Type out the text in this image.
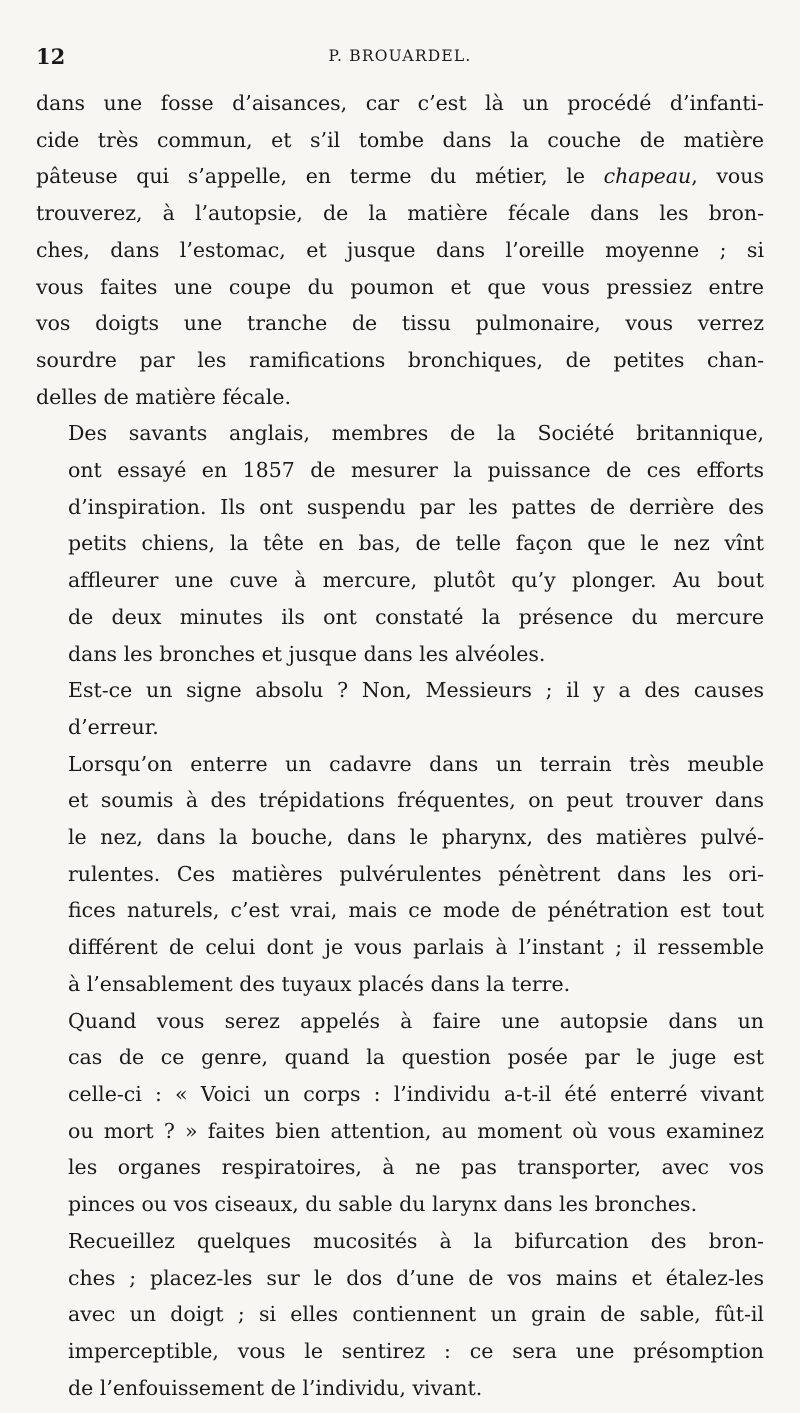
12	P. BROUARDEL.

dans une fosse d’aisances, car c’est là un procédé d’infanti-
cide très commun, et s’il tombe dans la couche de matière
pâteuse qui s’appelle, en terme du métier, le chapeau, vous
trouverez, à l’autopsie, de la matière fécale dans les bron-
ches, dans l’estomac, et jusque dans l’oreille moyenne ; si
vous faites une coupe du poumon et que vous pressiez entre
vos doigts une tranche de tissu pulmonaire, vous verrez
sourdre par les ramifications bronchiques, de petites chan-
delles de matière fécale.

Des savants anglais, membres de la Société britannique,
ont essayé en 1857 de mesurer la puissance de ces efforts
d’inspiration. Ils ont suspendu par les pattes de derrière des
petits chiens, la tête en bas, de telle façon que le nez vînt
affleurer une cuve à mercure, plutôt qu’y plonger. Au bout
de deux minutes ils ont constaté la présence du mercure
dans les bronches et jusque dans les alvéoles.

Est-ce un signe absolu ? Non, Messieurs ; il y a des causes
d’erreur.

Lorsqu’on enterre un cadavre dans un terrain très meuble
et soumis à des trépidations fréquentes, on peut trouver dans
le nez, dans la bouche, dans le pharynx, des matières pulvé-
rulentes. Ces matières pulvérulentes pénètrent dans les ori-
fices naturels, c’est vrai, mais ce mode de pénétration est tout
différent de celui dont je vous parlais à l’instant ; il ressemble
à l’ensablement des tuyaux placés dans la terre.

Quand vous serez appelés à faire une autopsie dans un
cas de ce genre, quand la question posée par le juge est
celle-ci : « Voici un corps : l’individu a-t-il été enterré vivant
ou mort ? » faites bien attention, au moment où vous examinez
les organes respiratoires, à ne pas transporter, avec vos
pinces ou vos ciseaux, du sable du larynx dans les bronches.

Recueillez quelques mucosités à la bifurcation des bron-
ches ; placez-les sur le dos d’une de vos mains et étalez-les
avec un doigt ; si elles contiennent un grain de sable, fût-il
imperceptible, vous le sentirez : ce sera une présomption
de l’enfouissement de l’individu, vivant.
